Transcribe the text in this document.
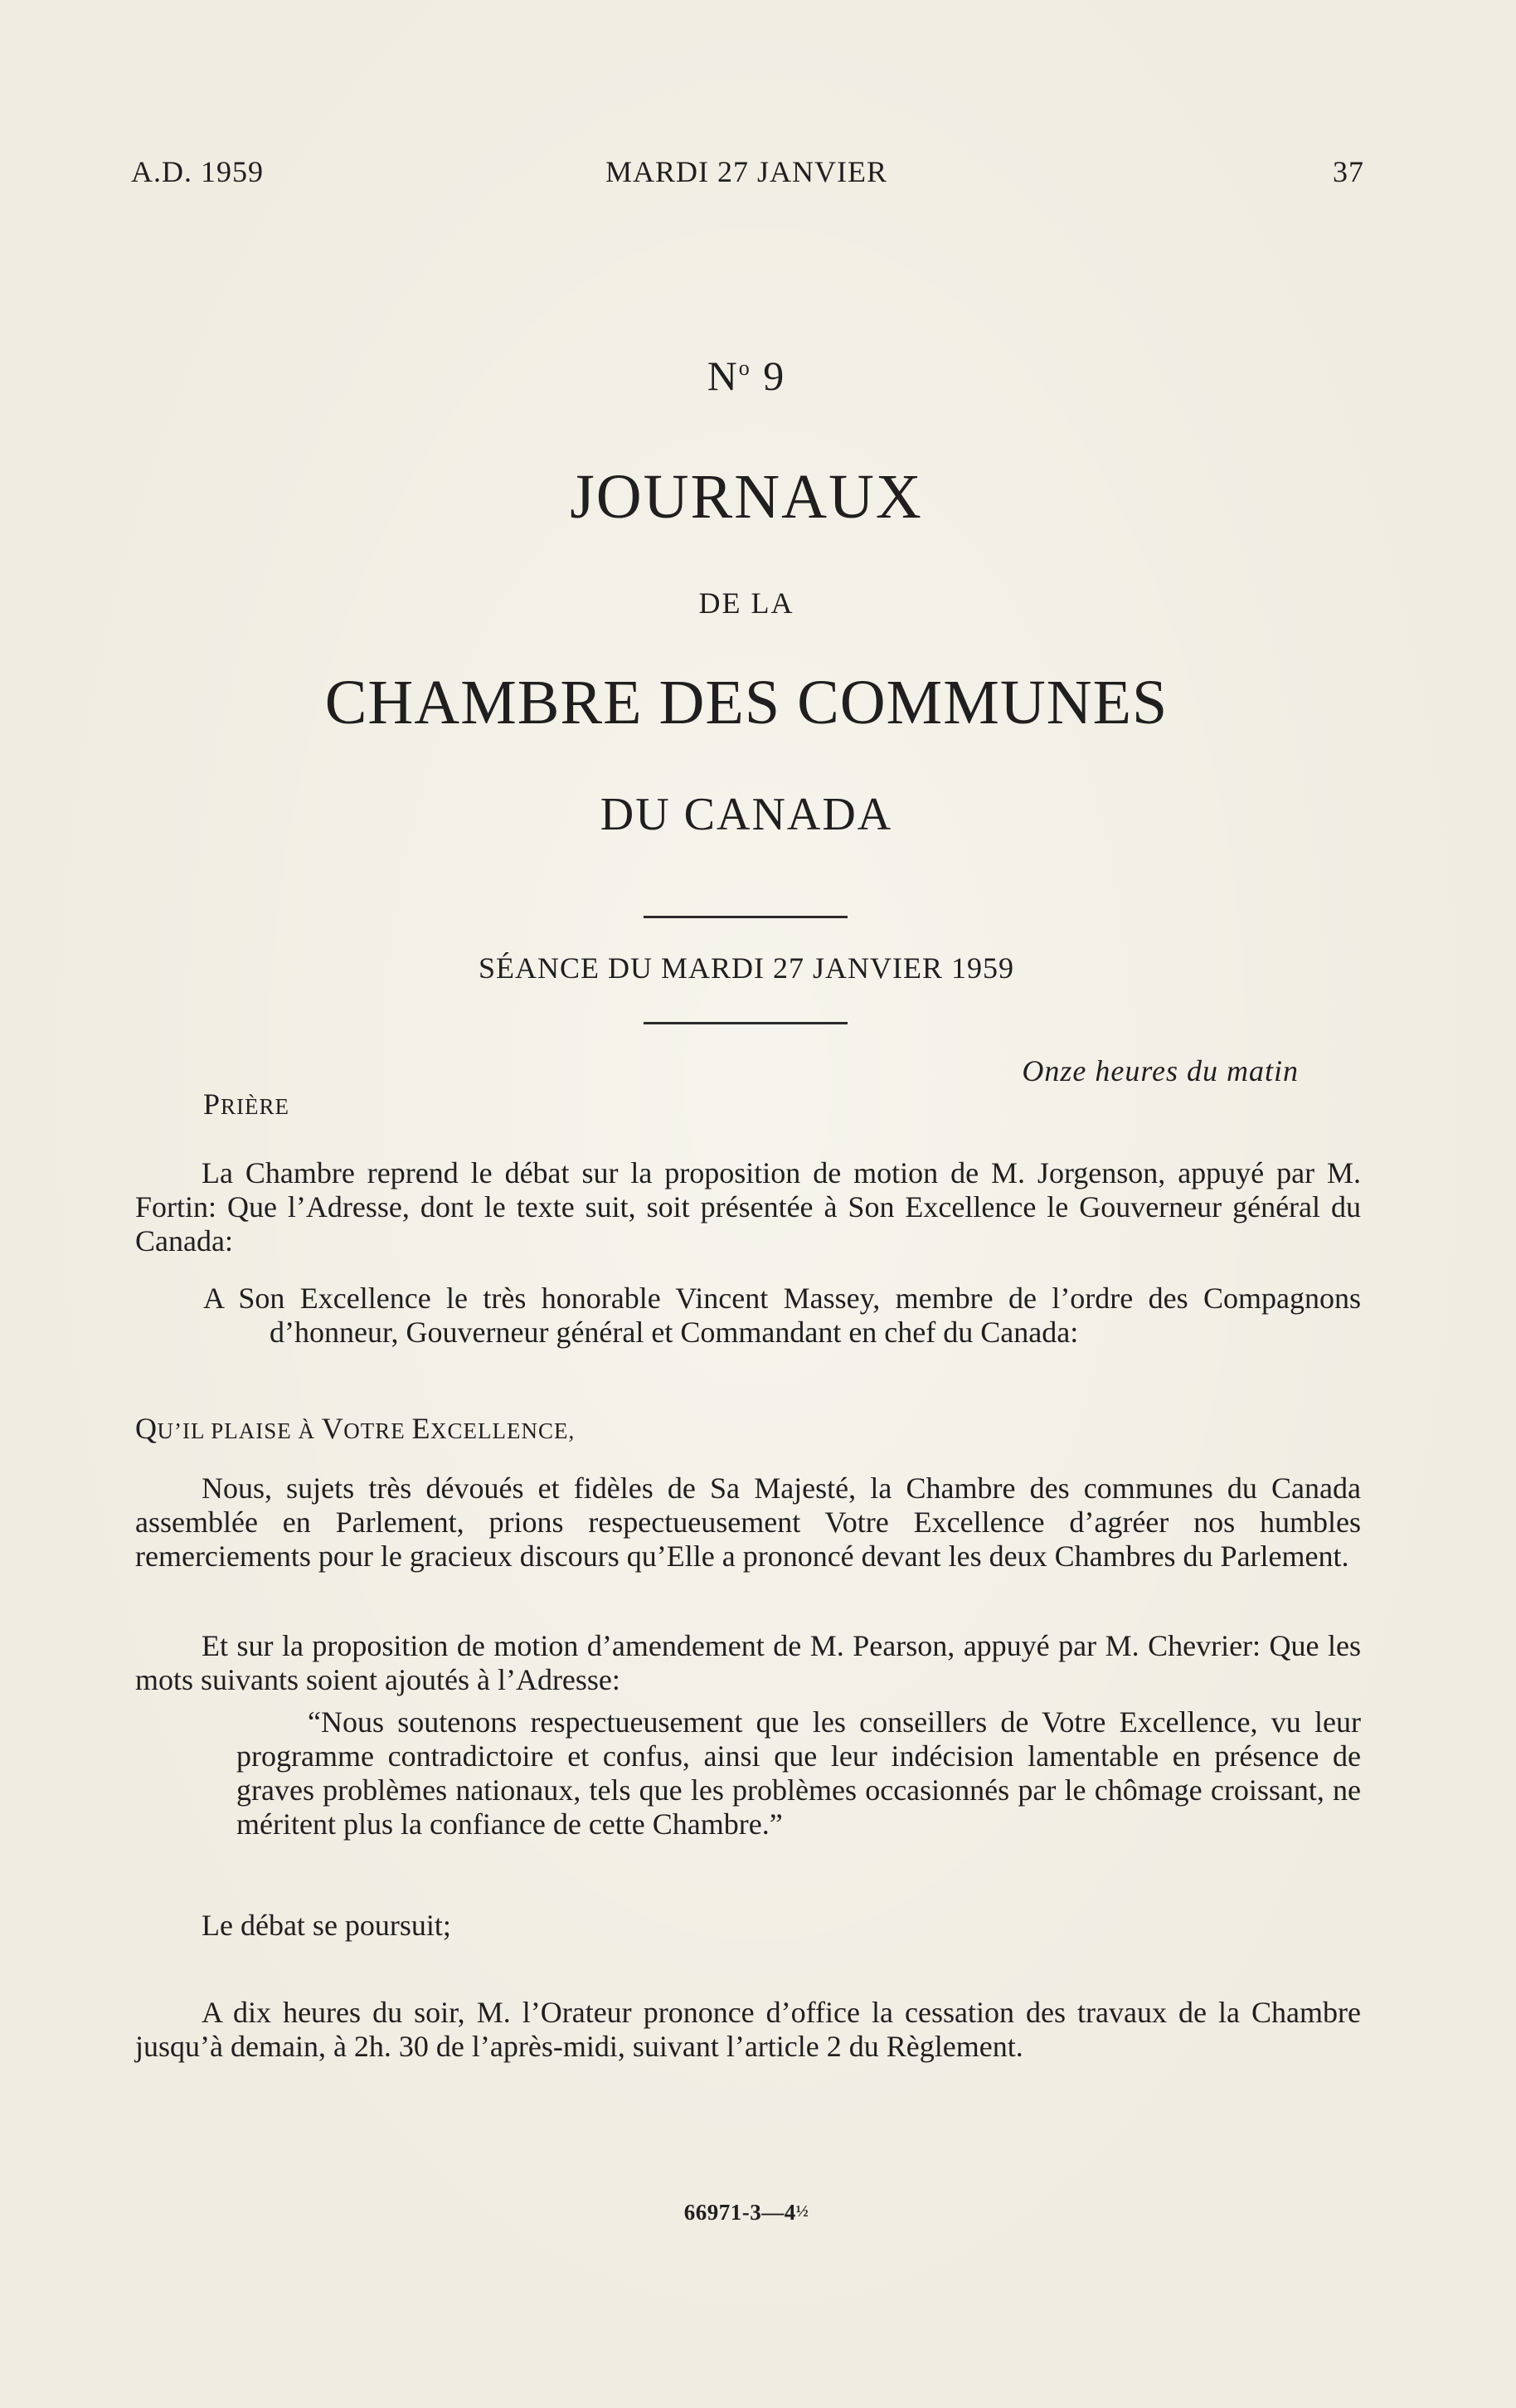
A.D. 1959	MARDI 27 JANVIER	37
$N^o$ 9
JOURNAUX
DE LA
CHAMBRE DES COMMUNES
DU CANADA
SÉANCE DU MARDI 27 JANVIER 1959
Onze heures du matin
PRIÈRE
La Chambre reprend le débat sur la proposition de motion de M. Jorgenson, appuyé par M. Fortin: Que l’Adresse, dont le texte suit, soit présentée à Son Excellence le Gouverneur général du Canada:
A Son Excellence le très honorable Vincent Massey, membre de l’ordre des Compagnons d’honneur, Gouverneur général et Commandant en chef du Canada:
QU’IL PLAISE À VOTRE EXCELLENCE,
Nous, sujets très dévoués et fidèles de Sa Majesté, la Chambre des communes du Canada assemblée en Parlement, prions respectueusement Votre Excellence d’agréer nos humbles remerciements pour le gracieux discours qu’Elle a prononcé devant les deux Chambres du Parlement.
Et sur la proposition de motion d’amendement de M. Pearson, appuyé par M. Chevrier: Que les mots suivants soient ajoutés à l’Adresse:
“Nous soutenons respectueusement que les conseillers de Votre Excellence, vu leur programme contradictoire et confus, ainsi que leur indécision lamentable en présence de graves problèmes nationaux, tels que les problèmes occasionnés par le chômage croissant, ne méritent plus la confiance de cette Chambre.”
Le débat se poursuit;
A dix heures du soir, M. l’Orateur prononce d’office la cessation des travaux de la Chambre jusqu’à demain, à 2h. 30 de l’après-midi, suivant l’article 2 du Règlement.
66971-3—4½
